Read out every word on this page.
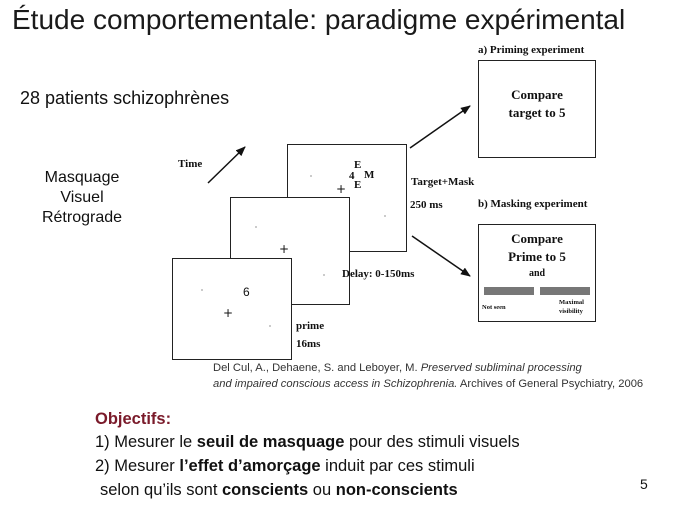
Étude comportementale: paradigme expérimental
28 patients schizophrènes
Masquage
Visuel
Rétrograde
Time	E
4 M
E
+
+
6
+
Target+Mask
250 ms
Delay: 0-150ms
prime
16ms
a) Priming experiment
Compare
target to 5
b) Masking experiment
Compare
Prime to 5
and
Not seen
Maximal
visibility
Del Cul, A., Dehaene, S. and Leboyer, M. Preserved subliminal processing
and impaired conscious access in Schizophrenia. Archives of General Psychiatry, 2006
Objectifs:
1) Mesurer le seuil de masquage pour des stimuli visuels
2) Mesurer l’effet d’amorçage induit par ces stimuli
selon qu’ils sont conscients ou non-conscients	5
